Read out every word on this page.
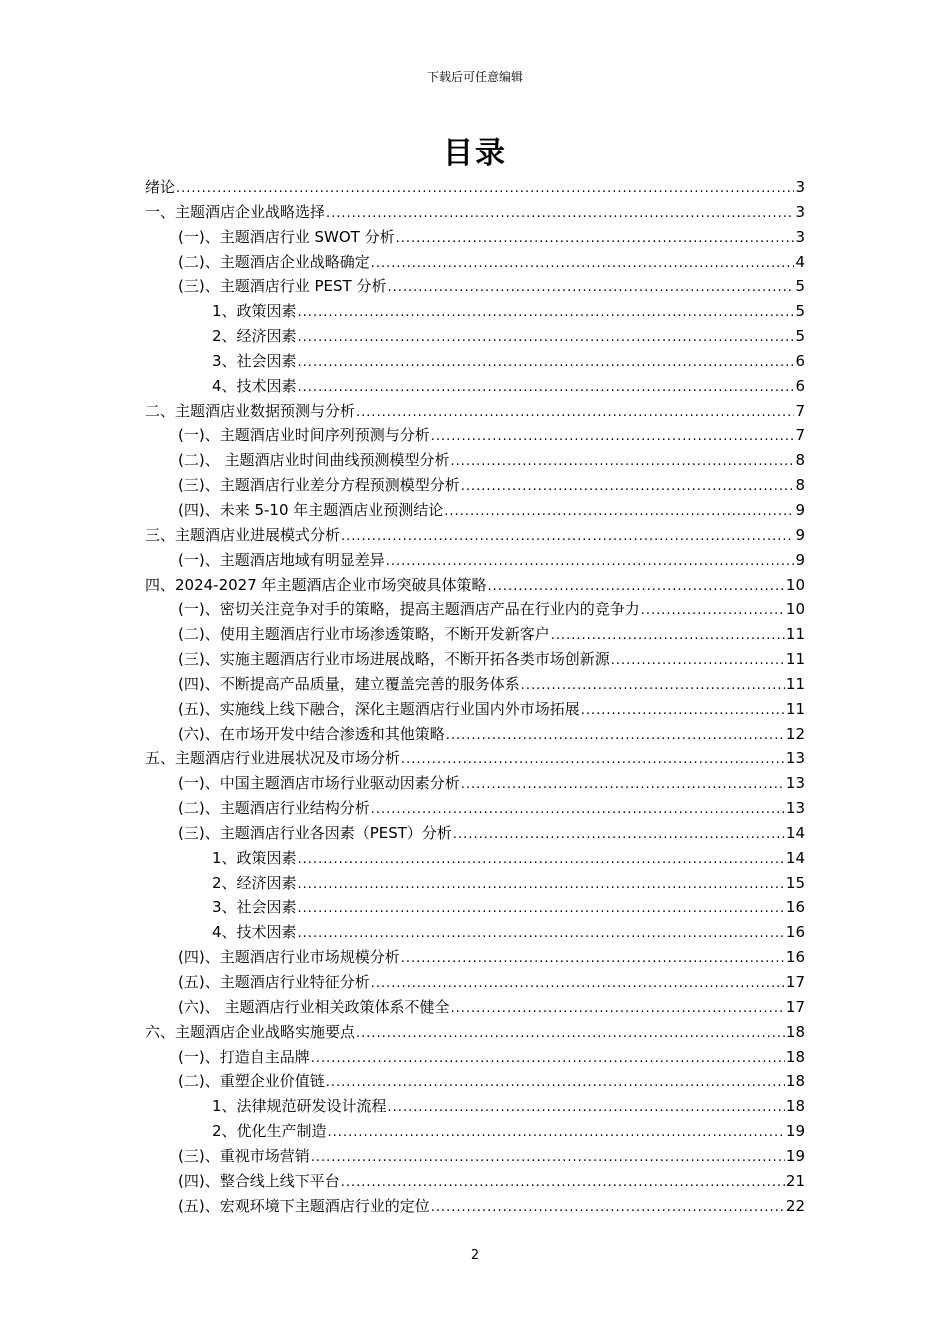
下载后可任意编辑
目录
绪论 .....	3
一、主题酒店企业战略选择 .....	3
(一)、主题酒店行业 SWOT 分析 .....	3
(二)、主题酒店企业战略确定 .....	4
(三)、主题酒店行业 PEST 分析 .....	5
1、政策因素 .....	5
2、经济因素 .....	5
3、社会因素 .....	6
4、技术因素 .....	6
二、主题酒店业数据预测与分析 .....	7
(一)、主题酒店业时间序列预测与分析 .....	7
(二)、 主题酒店业时间曲线预测模型分析 .....	8
(三)、主题酒店行业差分方程预测模型分析 .....	8
(四)、未来 5-10 年主题酒店业预测结论 .....	9
三、主题酒店业进展模式分析 .....	9
(一)、主题酒店地域有明显差异 .....	9
四、2024-2027 年主题酒店企业市场突破具体策略 .....	10
(一)、密切关注竞争对手的策略，提高主题酒店产品在行业内的竞争力 .....	10
(二)、使用主题酒店行业市场渗透策略，不断开发新客户 .....	11
(三)、实施主题酒店行业市场进展战略，不断开拓各类市场创新源 .....	11
(四)、不断提高产品质量，建立覆盖完善的服务体系 .....	11
(五)、实施线上线下融合，深化主题酒店行业国内外市场拓展 .....	11
(六)、在市场开发中结合渗透和其他策略 .....	12
五、主题酒店行业进展状况及市场分析 .....	13
(一)、中国主题酒店市场行业驱动因素分析 .....	13
(二)、主题酒店行业结构分析 .....	13
(三)、主题酒店行业各因素（PEST）分析 .....	14
1、政策因素 .....	14
2、经济因素 .....	15
3、社会因素 .....	16
4、技术因素 .....	16
(四)、主题酒店行业市场规模分析 .....	16
(五)、主题酒店行业特征分析 .....	17
(六)、 主题酒店行业相关政策体系不健全 .....	17
六、主题酒店企业战略实施要点 .....	18
(一)、打造自主品牌 .....	18
(二)、重塑企业价值链 .....	18
1、法律规范研发设计流程 .....	18
2、优化生产制造 .....	19
(三)、重视市场营销 .....	19
(四)、整合线上线下平台 .....	21
(五)、宏观环境下主题酒店行业的定位 .....	22
2
